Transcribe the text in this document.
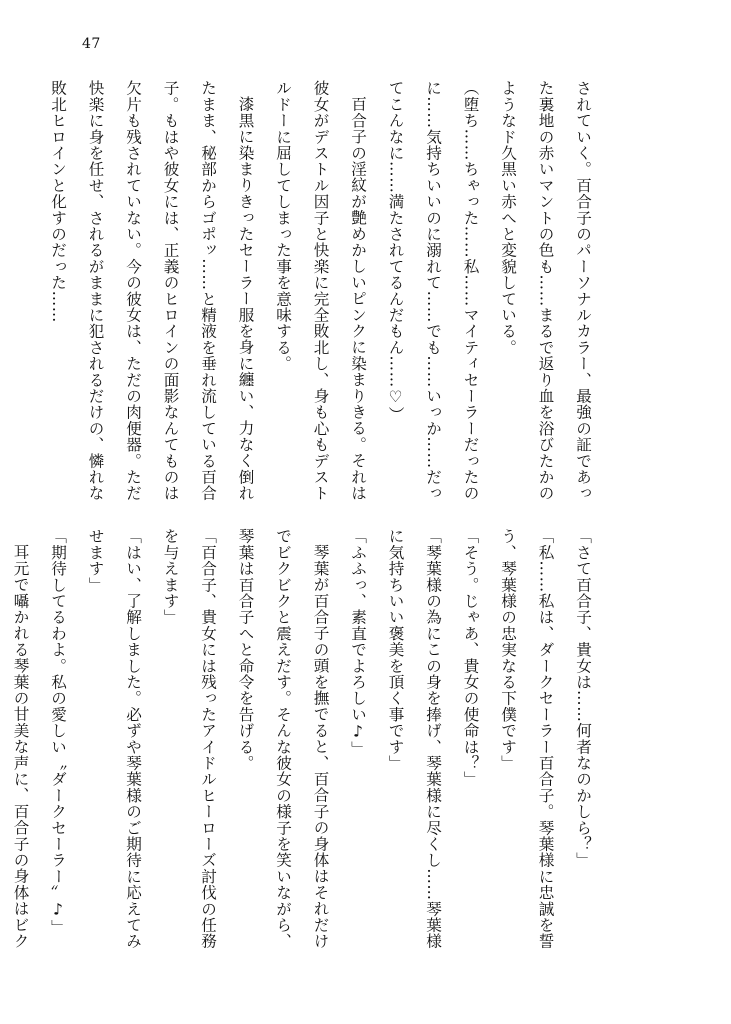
47
されていく。百合子のパーソナルカラー、最強の証であっ
た裏地の赤いマントの色も……まるで返り血を浴びたかの
ようなド久黒い赤へと変貌している。
（堕ち……ちゃった……私……マイティセーラーだったの
に……気持ちいいのに溺れて……でも……いっか……だっ
てこんなに……満たされてるんだもん……♡）
百合子の淫紋が艶めかしいピンクに染まりきる。それは
彼女がデストル因子と快楽に完全敗北し、身も心もデスト
ルドーに屈してしまった事を意味する。
漆黒に染まりきったセーラー服を身に纏い、力なく倒れ
たまま、秘部からゴポッ……と精液を垂れ流している百合
子。もはや彼女には、正義のヒロインの面影なんてものは
欠片も残されていない。今の彼女は、ただの肉便器。ただ
快楽に身を任せ、されるがままに犯されるだけの、憐れな
敗北ヒロインと化すのだった……

「さて百合子、貴女は……何者なのかしら？」
「私……私は、ダークセーラー百合子。琴葉様に忠誠を誓
う、琴葉様の忠実なる下僕です」
「そう。じゃあ、貴女の使命は？」
「琴葉様の為にこの身を捧げ、琴葉様に尽くし……琴葉様
に気持ちいい褒美を頂く事です」
「ふふっ、素直でよろしい♪」
琴葉が百合子の頭を撫でると、百合子の身体はそれだけ
でビクビクと震えだす。そんな彼女の様子を笑いながら、
琴葉は百合子へと命令を告げる。
「百合子、貴女には残ったアイドルヒーローズ討伐の任務
を与えます」
「はい、了解しました。必ずや琴葉様のご期待に応えてみ
せます」
「期待してるわよ。私の愛しい〝ダークセーラー〟♪」
耳元で囁かれる琴葉の甘美な声に、百合子の身体はビク
